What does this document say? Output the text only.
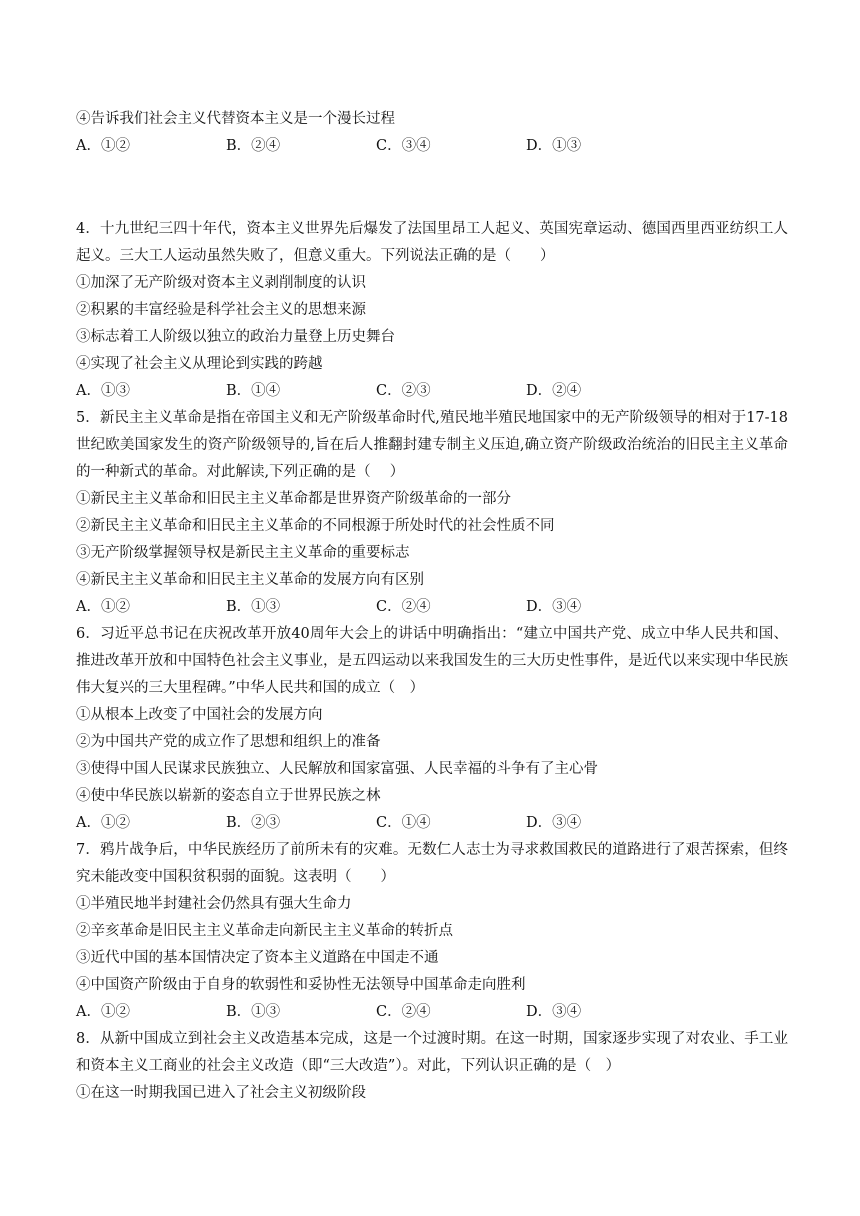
④告诉我们社会主义代替资本主义是一个漫长过程
A．①②	B．②④	C．③④	D．①③
4．十九世纪三四十年代，资本主义世界先后爆发了法国里昂工人起义、英国宪章运动、德国西里西亚纺织工人起义。三大工人运动虽然失败了，但意义重大。下列说法正确的是（　　）
①加深了无产阶级对资本主义剥削制度的认识
②积累的丰富经验是科学社会主义的思想来源
③标志着工人阶级以独立的政治力量登上历史舞台
④实现了社会主义从理论到实践的跨越
A．①③	B．①④	C．②③	D．②④
5．新民主主义革命是指在帝国主义和无产阶级革命时代,殖民地半殖民地国家中的无产阶级领导的相对于17-18世纪欧美国家发生的资产阶级领导的,旨在后人推翻封建专制主义压迫,确立资产阶级政治统治的旧民主主义革命的一种新式的革命。对此解读,下列正确的是（　 ）
①新民主主义革命和旧民主主义革命都是世界资产阶级革命的一部分
②新民主主义革命和旧民主主义革命的不同根源于所处时代的社会性质不同
③无产阶级掌握领导权是新民主主义革命的重要标志
④新民主主义革命和旧民主主义革命的发展方向有区别
A．①②	B．①③	C．②④	D．③④
6．习近平总书记在庆祝改革开放40周年大会上的讲话中明确指出：“建立中国共产党、成立中华人民共和国、推进改革开放和中国特色社会主义事业，是五四运动以来我国发生的三大历史性事件，是近代以来实现中华民族伟大复兴的三大里程碑。”中华人民共和国的成立（　）
①从根本上改变了中国社会的发展方向
②为中国共产党的成立作了思想和组织上的准备
③使得中国人民谋求民族独立、人民解放和国家富强、人民幸福的斗争有了主心骨
④使中华民族以崭新的姿态自立于世界民族之林
A．①②	B．②③	C．①④	D．③④
7．鸦片战争后，中华民族经历了前所未有的灾难。无数仁人志士为寻求救国救民的道路进行了艰苦探索，但终究未能改变中国积贫积弱的面貌。这表明（　　）
①半殖民地半封建社会仍然具有强大生命力
②辛亥革命是旧民主主义革命走向新民主主义革命的转折点
③近代中国的基本国情决定了资本主义道路在中国走不通
④中国资产阶级由于自身的软弱性和妥协性无法领导中国革命走向胜利
A．①②	B．①③	C．②④	D．③④
8．从新中国成立到社会主义改造基本完成，这是一个过渡时期。在这一时期，国家逐步实现了对农业、手工业和资本主义工商业的社会主义改造（即“三大改造”）。对此，下列认识正确的是（　）
①在这一时期我国已进入了社会主义初级阶段
